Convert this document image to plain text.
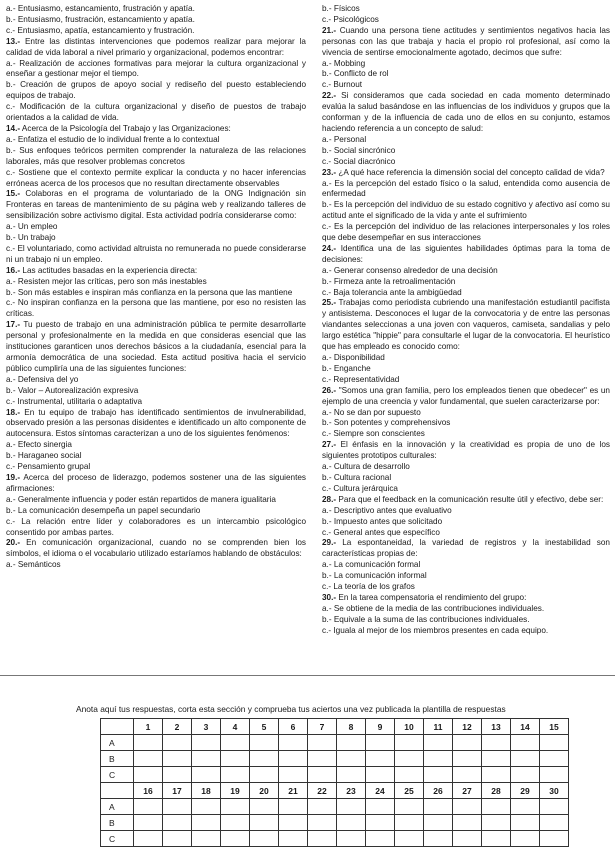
a.- Entusiasmo, estancamiento, frustración y apatía.
b.- Entusiasmo, frustración, estancamiento y apatía.
c.- Entusiasmo, apatía, estancamiento y frustración.
13.- Entre las distintas intervenciones que podemos realizar para mejorar la calidad de vida laboral a nivel primario y organizacional, podemos encontrar:
a.- Realización de acciones formativas para mejorar la cultura organizacional y enseñar a gestionar mejor el tiempo.
b.- Creación de grupos de apoyo social y rediseño del puesto estableciendo equipos de trabajo.
c.- Modificación de la cultura organizacional y diseño de puestos de trabajo orientados a la calidad de vida.
14.- Acerca de la Psicología del Trabajo y las Organizaciones:
a.- Enfatiza el estudio de lo individual frente a lo contextual
b.- Sus enfoques teóricos permiten comprender la naturaleza de las relaciones laborales, más que resolver problemas concretos
c.- Sostiene que el contexto permite explicar la conducta y no hacer inferencias erróneas acerca de los procesos que no resultan directamente observables
15.- Colaboras en el programa de voluntariado de la ONG Indignación sin Fronteras en tareas de mantenimiento de su página web y realizando talleres de sensibilización sobre activismo digital. Esta actividad podría considerarse como:
a.- Un empleo
b.- Un trabajo
c.- El voluntariado, como actividad altruista no remunerada no puede considerarse ni un trabajo ni un empleo.
16.- Las actitudes basadas en la experiencia directa:
a.- Resisten mejor las críticas, pero son más inestables
b.- Son más estables e inspiran más confianza en la persona que las mantiene
c.- No inspiran confianza en la persona que las mantiene, por eso no resisten las críticas.
17.- Tu puesto de trabajo en una administración pública te permite desarrollarte personal y profesionalmente en la medida en que consideras esencial que las instituciones garanticen unos derechos básicos a la ciudadanía, esencial para la armonía democrática de una sociedad. Esta actitud positiva hacia el servicio público cumpliría una de las siguientes funciones:
a.- Defensiva del yo
b.- Valor – Autorealización expresiva
c.- Instrumental, utilitaria o adaptativa
18.- En tu equipo de trabajo has identificado sentimientos de invulnerabilidad, observado presión a las personas disidentes e identificado un alto componente de autocensura. Estos síntomas caracterizan a uno de los siguientes fenómenos:
a.- Efecto sinergia
b.- Haraganeo social
c.- Pensamiento grupal
19.- Acerca del proceso de liderazgo, podemos sostener una de las siguientes afirmaciones:
a.- Generalmente influencia y poder están repartidos de manera igualitaria
b.- La comunicación desempeña un papel secundario
c.- La relación entre líder y colaboradores es un intercambio psicológico consentido por ambas partes.
20.- En comunicación organizacional, cuando no se comprenden bien los símbolos, el idioma o el vocabulario utilizado estaríamos hablando de obstáculos:
a.- Semánticos
b.- Físicos
c.- Psicológicos
21.- Cuando una persona tiene actitudes y sentimientos negativos hacia las personas con las que trabaja y hacia el propio rol profesional, así como la vivencia de sentirse emocionalmente agotado, decimos que sufre:
a.- Mobbing
b.- Conflicto de rol
c.- Burnout
22.- Si consideramos que cada sociedad en cada momento determinado evalúa la salud basándose en las influencias de los individuos y grupos que la conforman y de la influencia de cada uno de ellos en su conjunto, estamos haciendo referencia a un concepto de salud:
a.- Personal
b.- Social sincrónico
c.- Social diacrónico
23.- ¿A qué hace referencia la dimensión social del concepto calidad de vida?
a.- Es la percepción del estado físico o la salud, entendida como ausencia de enfermedad
b.- Es la percepción del individuo de su estado cognitivo y afectivo así como su actitud ante el significado de la vida y ante el sufrimiento
c.- Es la percepción del individuo de las relaciones interpersonales y los roles que debe desempeñar en sus interacciones
24.- Identifica una de las siguientes habilidades óptimas para la toma de decisiones:
a.- Generar consenso alrededor de una decisión
b.- Firmeza ante la retroalimentación
c.- Baja tolerancia ante la ambigüedad
25.- Trabajas como periodista cubriendo una manifestación estudiantil pacifista y antisistema. Desconoces el lugar de la convocatoria y de entre las personas viandantes seleccionas a una joven con vaqueros, camiseta, sandalias y pelo largo estética "hippie" para consultarle el lugar de la convocatoria. El heurístico que has empleado es conocido como:
a.- Disponibilidad
b.- Enganche
c.- Representatividad
26.- "Somos una gran familia, pero los empleados tienen que obedecer" es un ejemplo de una creencia y valor fundamental, que suelen caracterizarse por:
a.- No se dan por supuesto
b.- Son potentes y comprehensivos
c.- Siempre son conscientes
27.- El énfasis en la innovación y la creatividad es propia de uno de los siguientes prototipos culturales:
a.- Cultura de desarrollo
b.- Cultura racional
c.- Cultura jerárquica
28.- Para que el feedback en la comunicación resulte útil y efectivo, debe ser:
a.- Descriptivo antes que evaluativo
b.- Impuesto antes que solicitado
c.- General antes que específico
29.- La espontaneidad, la variedad de registros y la inestabilidad son características propias de:
a.- La comunicación formal
b.- La comunicación informal
c.- La teoría de los grafos
30.- En la tarea compensatoria el rendimiento del grupo:
a.- Se obtiene de la media de las contribuciones individuales.
b.- Equivale a la suma de las contribuciones individuales.
c.- Iguala al mejor de los miembros presentes en cada equipo.
Anota aquí tus respuestas, corta esta sección y comprueba tus aciertos una vez publicada la plantilla de respuestas
	1	2	3	4	5	6	7	8	9	10	11	12	13	14	15
A															
B															
C															
	16	17	18	19	20	21	22	23	24	25	26	27	28	29	30
A															
B															
C															
